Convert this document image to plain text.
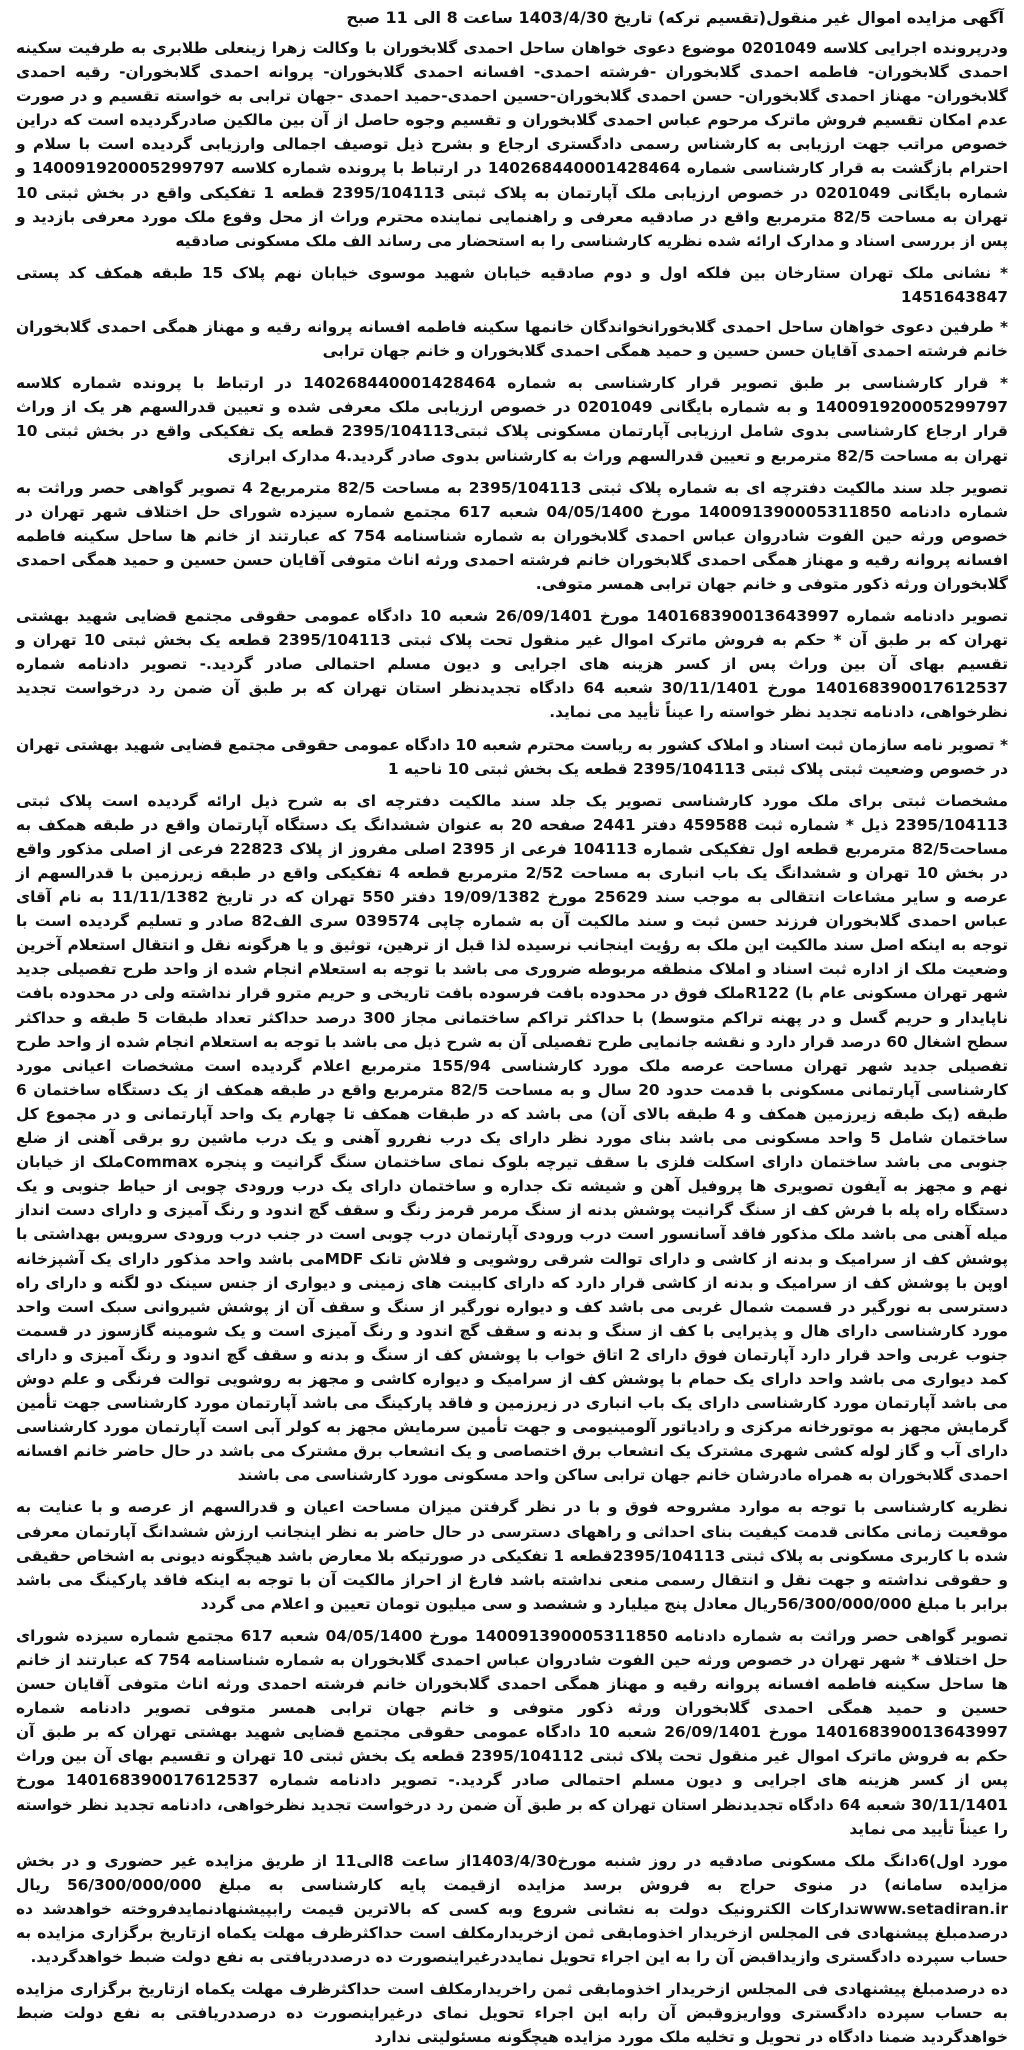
آگهی مزایده اموال غیر منقول(تقسیم ترکه) تاریخ 1403/4/30 ساعت 8 الی 11 صبح
ودرپرونده اجرایی کلاسه 0201049 موضوع دعوی خواهان ساحل احمدی گلابخوران با وکالت زهرا زینعلی طلابری به طرفیت سکینه احمدی گلابخوران- فاطمه احمدی گلابخوران -فرشته احمدی- افسانه احمدی گلابخوران- پروانه احمدی گلابخوران- رقیه احمدی گلابخوران- مهناز احمدی گلابخوران- حسن احمدی گلابخوران-حسین احمدی-حمید احمدی -جهان ترابی به خواسته تقسیم و در صورت عدم امکان تقسیم فروش ماترک مرحوم عباس احمدی گلابخوران و تقسیم وجوه حاصل از آن بین مالکین صادرگردیده است که دراین خصوص مراتب جهت ارزیابی به کارشناس رسمی دادگستری ارجاع و بشرح ذیل توصیف اجمالی وارزیابی گردیده است با سلام و احترام بازگشت به قرار کارشناسی شماره 140268440001428464 در ارتباط با پرونده شماره کلاسه 140091920005299797 و شماره بایگانی 0201049 در خصوص ارزیابی ملک آپارتمان به پلاک ثبتی 2395/104113 قطعه 1 تفکیکی واقع در بخش ثبتی 10 تهران به مساحت 82/5 مترمربع واقع در صادقیه معرفی و راهنمایی نماینده محترم وراث از محل وقوع ملک مورد معرفی بازدید و پس از بررسی اسناد و مدارک ارائه شده نظریه کارشناسی را به استحضار می رساند الف ملک مسکونی صادقیه
* نشانی ملک تهران ستارخان بین فلکه اول و دوم صادقیه خیابان شهید موسوی خیابان نهم پلاک 15 طبقه همکف کد پستی 1451643847
* طرفین دعوی خواهان ساحل احمدی گلابخورانخواندگان خانمها سکینه فاطمه افسانه پروانه رقیه و مهناز همگی احمدی گلابخوران خانم فرشته احمدی آقایان حسن حسین و حمید همگی احمدی گلابخوران و خانم جهان ترابی
* قرار کارشناسی بر طبق تصویر قرار کارشناسی به شماره 140268440001428464 در ارتباط با پرونده شماره کلاسه 140091920005299797 و به شماره بایگانی 0201049 در خصوص ارزیابی ملک معرفی شده و تعیین قدرالسهم هر یک از وراث قرار ارجاع کارشناسی بدوی شامل ارزیابی آپارتمان مسکونی پلاک ثبتی2395/104113 قطعه یک تفکیکی واقع در بخش ثبتی 10 تهران به مساحت 82/5 مترمربع و تعیین قدرالسهم وراث به کارشناس بدوی صادر گردید.4 مدارک ابرازی
تصویر جلد سند مالکیت دفترچه ای به شماره پلاک ثبتی 2395/104113 به مساحت 82/5 مترمربع2 4 تصویر گواهی حصر وراثت به شماره دادنامه 140091390005311850 مورخ 04/05/1400 شعبه 617 مجتمع شماره سیزده شورای حل اختلاف شهر تهران در خصوص ورثه حین الفوت شادروان عباس احمدی گلابخوران به شماره شناسنامه 754 که عبارتند از خانم ها ساحل سکینه فاطمه افسانه پروانه رقیه و مهناز همگی احمدی گلابخوران خانم فرشته احمدی ورثه اناث متوفی آقایان حسن حسین و حمید همگی احمدی گلابخوران ورثه ذکور متوفی و خانم جهان ترابی همسر متوفی.
تصویر دادنامه شماره 140168390013643997 مورخ 26/09/1401 شعبه 10 دادگاه عمومی حقوقی مجتمع قضایی شهید بهشتی تهران که بر طبق آن * حکم به فروش ماترک اموال غیر منقول تحت پلاک ثبتی 2395/104113 قطعه یک بخش ثبتی 10 تهران و تقسیم بهای آن بین وراث پس از کسر هزینه های اجرایی و دیون مسلم احتمالی صادر گردید.- تصویر دادنامه شماره 140168390017612537 مورخ 30/11/1401 شعبه 64 دادگاه تجدیدنظر استان تهران که بر طبق آن ضمن رد درخواست تجدید نظرخواهی، دادنامه تجدید نظر خواسته را عیناً تأیید می نماید.
* تصویر نامه سازمان ثبت اسناد و املاک کشور به ریاست محترم شعبه 10 دادگاه عمومی حقوقی مجتمع قضایی شهید بهشتی تهران در خصوص وضعیت ثبتی پلاک ثبتی 2395/104113 قطعه یک بخش ثبتی 10 ناحیه 1
مشخصات ثبتی برای ملک مورد کارشناسی تصویر یک جلد سند مالکیت دفترچه ای به شرح ذیل ارائه گردیده است پلاک ثبتی 2395/104113 ذیل * شماره ثبت 459588 دفتر 2441 صفحه 20 به عنوان ششدانگ یک دستگاه آپارتمان واقع در طبقه همکف به مساحت82/5 مترمربع قطعه اول تفکیکی شماره 104113 فرعی از 2395 اصلی مفروز از پلاک 22823 فرعی از اصلی مذکور واقع در بخش 10 تهران و ششدانگ یک باب انباری به مساحت 2/52 مترمربع قطعه 4 تفکیکی واقع در طبقه زیرزمین با قدرالسهم از عرصه و سایر مشاعات انتقالی به موجب سند 25629 مورخ 19/09/1382 دفتر 550 تهران که در تاریخ 11/11/1382 به نام آقای عباس احمدی گلابخوران فرزند حسن ثبت و سند مالکیت آن به شماره چاپی 039574 سری الف82 صادر و تسلیم گردیده است با توجه به اینکه اصل سند مالکیت این ملک به رؤیت اینجانب نرسیده لذا قبل از ترهین، توثیق و یا هرگونه نقل و انتقال استعلام آخرین وضعیت ملک از اداره ثبت اسناد و املاک منطقه مربوطه ضروری می باشد با توجه به استعلام انجام شده از واحد طرح تفصیلی جدید شهر تهران مسکونی عام با) R122ملک فوق در محدوده بافت فرسوده بافت تاریخی و حریم مترو قرار نداشته ولی در محدوده بافت ناپایدار و حریم گسل و در پهنه تراکم متوسط) با حداکثر تراکم ساختمانی مجاز 300 درصد حداکثر تعداد طبقات 5 طبقه و حداکثر سطح اشغال 60 درصد قرار دارد و نقشه جانمایی طرح تفصیلی آن به شرح ذیل می باشد با توجه به استعلام انجام شده از واحد طرح تفصیلی جدید شهر تهران مساحت عرصه ملک مورد کارشناسی 155/94 مترمربع اعلام گردیده است مشخصات اعیانی مورد کارشناسی آپارتمانی مسکونی با قدمت حدود 20 سال و به مساحت 82/5 مترمربع واقع در طبقه همکف از یک دستگاه ساختمان 6 طبقه (یک طبقه زیرزمین همکف و 4 طبقه بالای آن) می باشد که در طبقات همکف تا چهارم یک واحد آپارتمانی و در مجموع کل ساختمان شامل 5 واحد مسکونی می باشد بنای مورد نظر دارای یک درب نفررو آهنی و یک درب ماشین رو برقی آهنی از ضلع جنوبی می باشد ساختمان دارای اسکلت فلزی با سقف تیرچه بلوک نمای ساختمان سنگ گرانیت و پنجره Commaxملک از خیابان نهم و مجهز به آیفون تصویری ها پروفیل آهن و شیشه تک جداره و ساختمان دارای یک درب ورودی چوبی از حیاط جنوبی و یک دستگاه راه پله با فرش کف از سنگ گرانیت پوشش بدنه از سنگ مرمر قرمز رنگ و سقف گچ اندود و رنگ آمیزی و دارای دست انداز میله آهنی می باشد ملک مذکور فاقد آسانسور است درب ورودی آپارتمان درب چوبی است در جنب درب ورودی سرویس بهداشتی با پوشش کف از سرامیک و بدنه از کاشی و دارای توالت شرقی روشویی و فلاش تانک MDFمی باشد واحد مذکور دارای یک آشپزخانه اوپن با پوشش کف از سرامیک و بدنه از کاشی قرار دارد که دارای کابینت های زمینی و دیواری از جنس سینک دو لگنه و دارای راه دسترسی به نورگیر در قسمت شمال غربی می باشد کف و دیواره نورگیر از سنگ و سقف آن از پوشش شیروانی سبک است واحد مورد کارشناسی دارای هال و پذیرایی با کف از سنگ و بدنه و سقف گچ اندود و رنگ آمیزی است و یک شومینه گازسوز در قسمت جنوب غربی واحد قرار دارد آپارتمان فوق دارای 2 اتاق خواب با پوشش کف از سنگ و بدنه و سقف گچ اندود و رنگ آمیزی و دارای کمد دیواری می باشد واحد دارای یک حمام با پوشش کف از سرامیک و دیواره کاشی و مجهز به روشویی توالت فرنگی و علم دوش می باشد آپارتمان مورد کارشناسی دارای یک باب انباری در زیرزمین و فاقد پارکینگ می باشد آپارتمان مورد کارشناسی جهت تأمین گرمایش مجهز به موتورخانه مرکزی و رادیاتور آلومینیومی و جهت تأمین سرمایش مجهز به کولر آبی است آپارتمان مورد کارشناسی دارای آب و گاز لوله کشی شهری مشترک یک انشعاب برق اختصاصی و یک انشعاب برق مشترک می باشد در حال حاضر خانم افسانه احمدی گلابخوران به همراه مادرشان خانم جهان ترابی ساکن واحد مسکونی مورد کارشناسی می باشند
نظریه کارشناسی با توجه به موارد مشروحه فوق و با در نظر گرفتن میزان مساحت اعیان و قدرالسهم از عرصه و با عنایت به موقعیت زمانی مکانی قدمت کیفیت بنای احداثی و راههای دسترسی در حال حاضر به نظر اینجانب ارزش ششدانگ آپارتمان معرفی شده با کاربری مسکونی به پلاک ثبتی 2395/104113قطعه 1 تفکیکی در صورتیکه بلا معارض باشد هیچگونه دیونی به اشخاص حقیقی و حقوقی نداشته و جهت نقل و انتقال رسمی منعی نداشته باشد فارغ از احراز مالکیت آن با توجه به اینکه فاقد پارکینگ می باشد برابر با مبلغ 56/300/000/000ریال معادل پنج میلیارد و ششصد و سی میلیون تومان تعیین و اعلام می گردد
تصویر گواهی حصر وراثت به شماره دادنامه 140091390005311850 مورخ 04/05/1400 شعبه 617 مجتمع شماره سیزده شورای حل اختلاف * شهر تهران در خصوص ورثه حین الفوت شادروان عباس احمدی گلابخوران به شماره شناسنامه 754 که عبارتند از خانم ها ساحل سکینه فاطمه افسانه پروانه رقیه و مهناز همگی احمدی گلابخوران خانم فرشته احمدی ورثه اناث متوفی آقایان حسن حسین و حمید همگی احمدی گلابخوران ورثه ذکور متوفی و خانم جهان ترابی همسر متوفی تصویر دادنامه شماره 140168390013643997 مورخ 26/09/1401 شعبه 10 دادگاه عمومی حقوقی مجتمع قضایی شهید بهشتی تهران که بر طبق آن حکم به فروش ماترک اموال غیر منقول تحت پلاک ثبتی 2395/104112 قطعه یک بخش ثبتی 10 تهران و تقسیم بهای آن بین وراث پس از کسر هزینه های اجرایی و دیون مسلم احتمالی صادر گردید.- تصویر دادنامه شماره 140168390017612537 مورخ 30/11/1401 شعبه 64 دادگاه تجدیدنظر استان تهران که بر طبق آن ضمن رد درخواست تجدید نظرخواهی، دادنامه تجدید نظر خواسته را عیناً تأیید می نماید
مورد اول)6دانگ ملک مسکونی صادقیه در روز شنبه مورخ1403/4/30از ساعت 8الی11 از طریق مزایده غیر حضوری و در بخش مزایده سامانه) در منوی حراج به فروش برسد مزایده ازقیمت پایه کارشناسی به مبلغ 56/300/000/000 ریال www.setadiran.irتدارکات الکترونیک دولت به نشانی شروع وبه کسی که بالاترین قیمت رابپیشنهادنمایدفروخته خواهدشد ده درصدمبلغ پیشنهادی فی المجلس ازخریدار اخذومابقی ثمن ازخریدارمکلف است حداکثرظرف مهلت یکماه ازتاریخ برگزاری مزایده به حساب سپرده دادگستری وازیداقبض آن را به این اجراء تحویل نمایددرغیراینصورت ده درصددریافتی به نفع دولت ضبط خواهدگردید.
ده درصدمبلغ پیشنهادی فی المجلس ازخریدار اخذومابقی ثمن راخریدارمکلف است حداکثرظرف مهلت یکماه ازتاریخ برگزاری مزایده به حساب سپرده دادگستری وواریزوقبض آن رابه این اجراء تحویل نمای درغیراینصورت ده درصددریافتی به نفع دولت ضبط خواهدگردید ضمنا دادگاه در تحویل و تخلیه ملک مورد مزایده هیچگونه مسئولیتی ندارد
